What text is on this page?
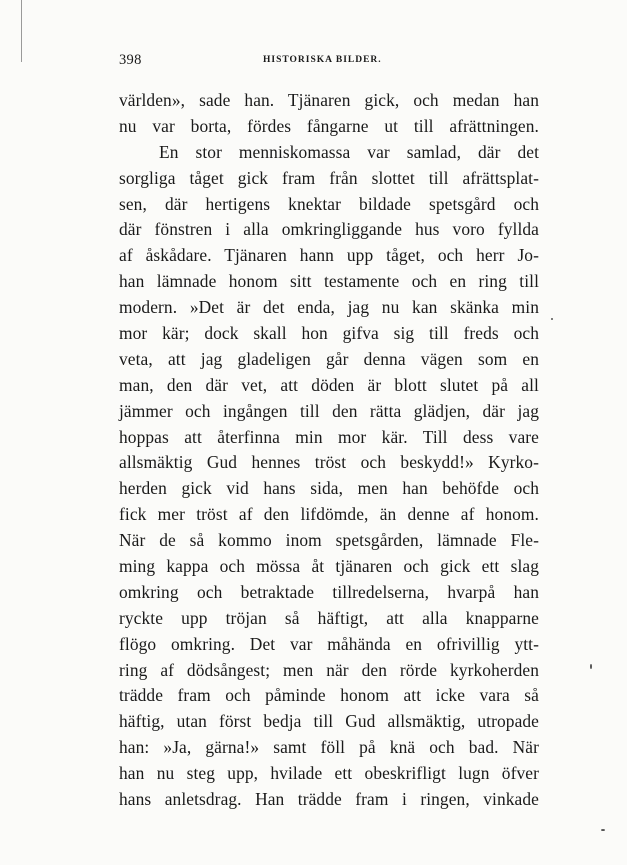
398	HISTORISKA BILDER.
världen», sade han. Tjänaren gick, och medan han
nu var borta, fördes fångarne ut till afrättningen.
En stor menniskomassa var samlad, där det
sorgliga tåget gick fram från slottet till afrättsplat-
sen, där hertigens knektar bildade spetsgård och
där fönstren i alla omkringliggande hus voro fyllda
af åskådare. Tjänaren hann upp tåget, och herr Jo-
han lämnade honom sitt testamente och en ring till
modern. »Det är det enda, jag nu kan skänka min
mor kär; dock skall hon gifva sig till freds och
veta, att jag gladeligen går denna vägen som en
man, den där vet, att döden är blott slutet på all
jämmer och ingången till den rätta glädjen, där jag
hoppas att återfinna min mor kär. Till dess vare
allsmäktig Gud hennes tröst och beskydd!» Kyrko-
herden gick vid hans sida, men han behöfde och
fick mer tröst af den lifdömde, än denne af honom.
När de så kommo inom spetsgården, lämnade Fle-
ming kappa och mössa åt tjänaren och gick ett slag
omkring och betraktade tillredelserna, hvarpå han
ryckte upp tröjan så häftigt, att alla knapparne
flögo omkring. Det var måhända en ofrivillig ytt-
ring af dödsångest; men när den rörde kyrkoherden
trädde fram och påminde honom att icke vara så
häftig, utan först bedja till Gud allsmäktig, utropade
han: »Ja, gärna!» samt föll på knä och bad. När
han nu steg upp, hvilade ett obeskrifligt lugn öfver
hans anletsdrag. Han trädde fram i ringen, vinkade
